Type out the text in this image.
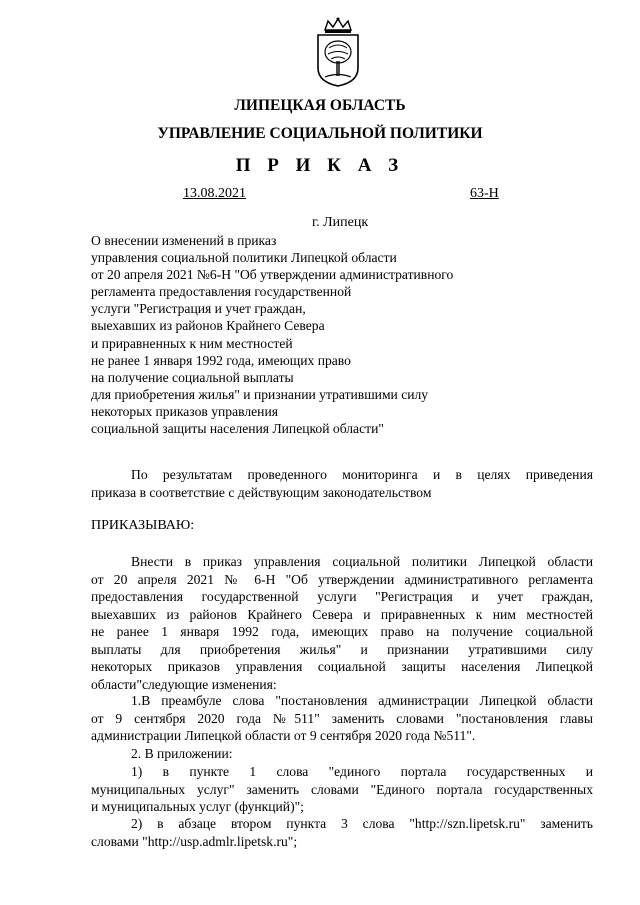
ЛИПЕЦКАЯ ОБЛАСТЬ
УПРАВЛЕНИЕ СОЦИАЛЬНОЙ ПОЛИТИКИ
П Р И К А З
13.08.2021	63-Н
г. Липецк
О внесении изменений в приказ
управления социальной политики Липецкой области
от 20 апреля 2021 №6-Н "Об утверждении административного
регламента предоставления государственной
услуги "Регистрация и учет граждан,
выехавших из районов Крайнего Севера
и приравненных к ним местностей
не ранее 1 января 1992 года, имеющих право
на получение социальной выплаты
для приобретения жилья" и признании утратившими силу
некоторых приказов управления
социальной защиты населения Липецкой области"
По результатам проведенного мониторинга и в целях приведения
приказа в соответствие с действующим законодательством
ПРИКАЗЫВАЮ:
Внести в приказ управления социальной политики Липецкой области
от 20 апреля 2021 № 6-Н "Об утверждении административного регламента
предоставления государственной услуги "Регистрация и учет граждан,
выехавших из районов Крайнего Севера и приравненных к ним местностей
не ранее 1 января 1992 года, имеющих право на получение социальной
выплаты для приобретения жилья" и признании утратившими силу
некоторых приказов управления социальной защиты населения Липецкой
области"следующие изменения:
1.В преамбуле слова "постановления администрации Липецкой области
от 9 сентября 2020 года №511" заменить словами "постановления главы
администрации Липецкой области от 9 сентября 2020 года №511".
2. В приложении:
1) в пункте 1 слова "единого портала государственных и
муниципальных услуг" заменить словами "Единого портала государственных
и муниципальных услуг (функций)";
2) в абзаце втором пункта 3 слова "http://szn.lipetsk.ru" заменить
словами "http://usp.admlr.lipetsk.ru";
